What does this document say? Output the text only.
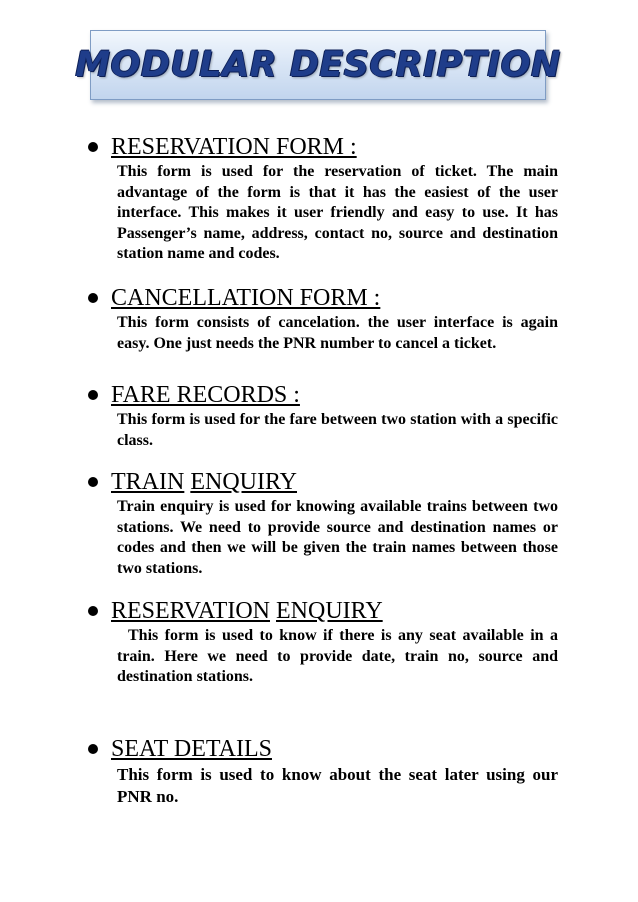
MODULAR DESCRIPTION
RESERVATION FORM :
This form is used for the reservation of ticket. The main advantage of the form is that it has the easiest of the user interface. This makes it user friendly and easy to use. It has Passenger’s name, address, contact no, source and destination station name and codes.
CANCELLATION FORM :
This form consists of cancelation. the user interface is again easy. One just needs the PNR number to cancel a ticket.
FARE RECORDS :
This form is used for the fare between two station with a specific class.
TRAIN ENQUIRY
Train enquiry is used for knowing available trains between two stations. We need to provide source and destination names or codes and then we will be given the train names between those two stations.
RESERVATION ENQUIRY
This form is used to know if there is any seat available in a train. Here we need to provide date, train no, source and destination stations.
SEAT DETAILS
This form is used to know about the seat later using our PNR no.
